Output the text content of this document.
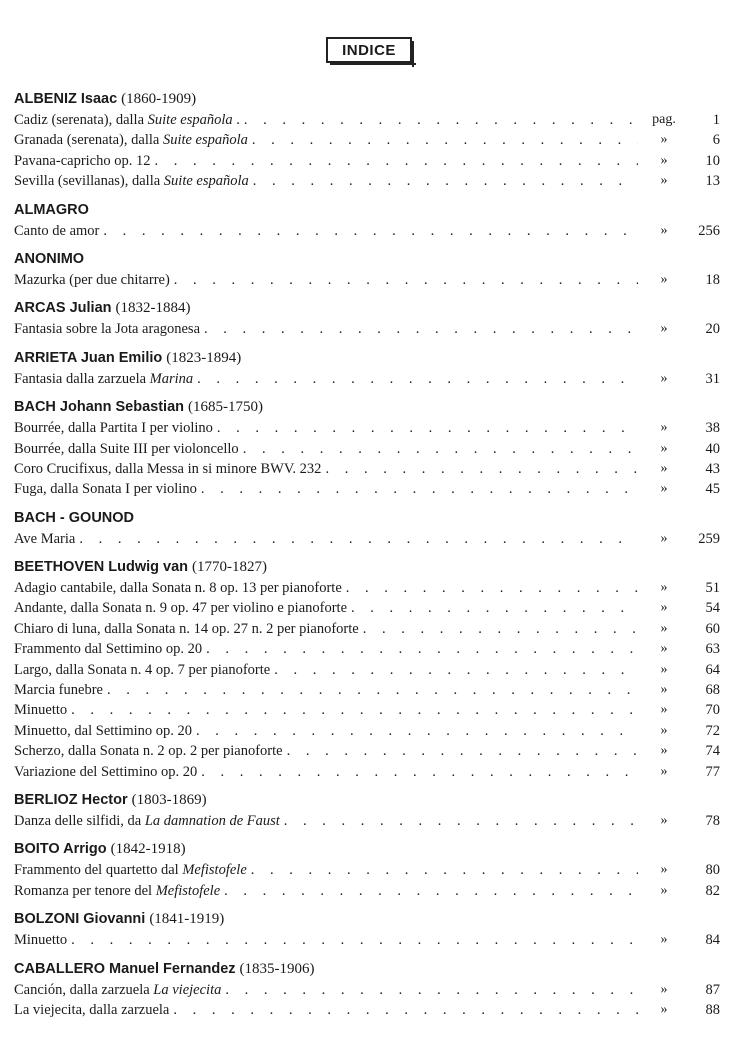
INDICE
ALBENIZ Isaac (1860-1909)
Cadiz (serenata), dalla Suite española . . . .	pag.	1
Granada (serenata), dalla Suite española . . .	»	6
Pavana-capricho op. 12 . . .	»	10
Sevilla (sevillanas), dalla Suite española . . .	»	13
ALMAGRO
Canto de amor . . .	»	256
ANONIMO
Mazurka (per due chitarre) . . .	»	18
ARCAS Julian (1832-1884)
Fantasia sobre la Jota aragonesa . . .	»	20
ARRIETA Juan Emilio (1823-1894)
Fantasia dalla zarzuela Marina . . .	»	31
BACH Johann Sebastian (1685-1750)
Bourrée, dalla Partita I per violino . . .	»	38
Bourrée, dalla Suite III per violoncello . . .	»	40
Coro Crucifixus, dalla Messa in si minore BWV. 232 . . .	»	43
Fuga, dalla Sonata I per violino . . .	»	45
BACH - GOUNOD
Ave Maria . . .	»	259
BEETHOVEN Ludwig van (1770-1827)
Adagio cantabile, dalla Sonata n. 8 op. 13 per pianoforte . . .	»	51
Andante, dalla Sonata n. 9 op. 47 per violino e pianoforte . . .	»	54
Chiaro di luna, dalla Sonata n. 14 op. 27 n. 2 per pianoforte . . .	»	60
Frammento dal Settimino op. 20 . . .	»	63
Largo, dalla Sonata n. 4 op. 7 per pianoforte . . .	»	64
Marcia funebre . . .	»	68
Minuetto . . .	»	70
Minuetto, dal Settimino op. 20 . . .	»	72
Scherzo, dalla Sonata n. 2 op. 2 per pianoforte . . .	»	74
Variazione del Settimino op. 20 . . .	»	77
BERLIOZ Hector (1803-1869)
Danza delle silfidi, da La damnation de Faust . . .	»	78
BOITO Arrigo (1842-1918)
Frammento del quartetto dal Mefistofele . . .	»	80
Romanza per tenore del Mefistofele . . .	»	82
BOLZONI Giovanni (1841-1919)
Minuetto . . .	»	84
CABALLERO Manuel Fernandez (1835-1906)
Canción, dalla zarzuela La viejecita . . .	»	87
La viejecita, dalla zarzuela . . .	»	88
